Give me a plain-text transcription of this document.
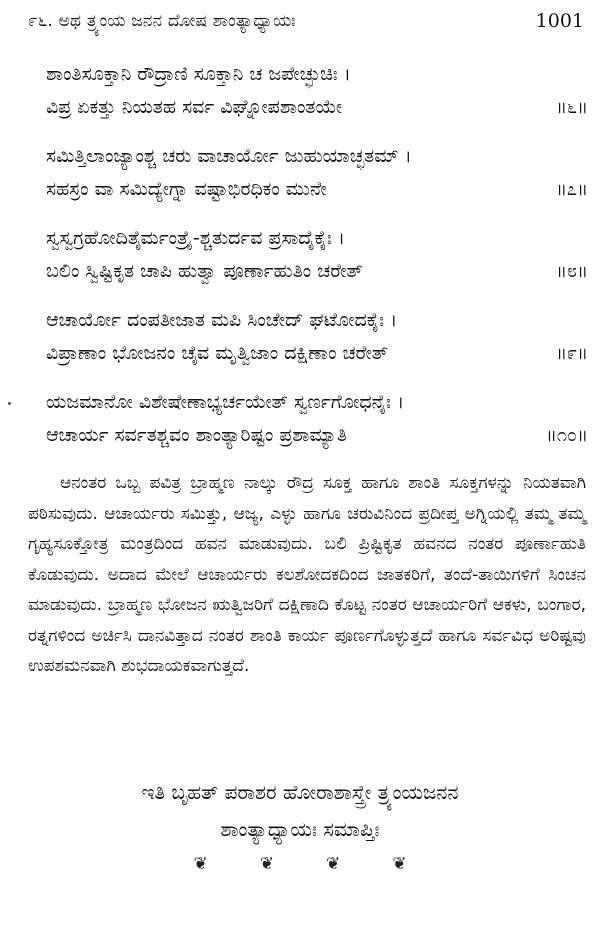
೯೬. ಅಥ ತ್ರ್ಯಂಯ ಜನನ ದೋಷ ಶಾಂತ್ಯಾಧ್ಯಾಯಃ	1001
ಶಾಂತಿಸೂಕ್ತಾನಿ ರೌದ್ರಾಣಿ ಸೂಕ್ತಾನಿ ಚ ಜಪೇಚ್ಛುಚಿಃ ।
ವಿಪ್ರ ಏಕತ್ತು ನಿಯತಹ ಸರ್ವ ವಿಘ್ನೋಪಶಾಂತಯೇ	॥೬॥
ಸಮಿತ್ತಿಲಾಂಜ್ಯಾಂಶ್ಚ ಚರು ವಾಚಾರ್ಯೋ ಜುಹುಯಾಚ್ಛತಮ್ ।
ಸಹಸ್ರಂ ವಾ ಸಮಿದ್ಯೇಗ್ನಾ ವಷ್ಟಾಭಿರಧಿಕಂ ಮುನೇ	॥೭॥
ಸ್ವಸ್ವಗ್ರಹೋದಿತೈರ್ಮಂತ್ರೈ-ಶ್ಚತುರ್ದವ ಪ್ರಸಾದೈಕೈಃ ।
ಬಲಿಂ ಸ್ವಿಷ್ಟಿಕೃತ ಚಾಪಿ ಹುತ್ವಾ ಪೂರ್ಣಾಹುತಿಂ ಚರೇತ್	॥೮॥
ಆಚಾರ್ಯೋ ದಂಪತೀಜಾತ ಮಪಿ ಸಿಂಚೇದ್ ಘಟೋದಕೈಃ ।
ವಿಪ್ರಾಣಾಂ ಭೋಜನಂ ಚೈವ ಮೃತ್ವಿಜಾಂ ದಕ್ಷಿಣಾಂ ಚರೇತ್	॥೯॥
ಯಜಮಾನೋ ವಿಶೇಷೇಣಾಭ್ಯರ್ಚಯೇತ್ ಸ್ವರ್ಣಗೋಧನೈಃ ।
ಆಚಾರ್ಯ ಸರ್ವತಶ್ಚವಂ ಶಾಂತ್ಯಾರಿಷ್ಟಂ ಪ್ರಶಾಮ್ಯಾತಿ	॥೧೦॥

ಆನಂತರ ಒಬ್ಬ ಪವಿತ್ರ ಬ್ರಾಹ್ಮಣ ನಾಲ್ಕು ರೌದ್ರ ಸೂಕ್ತ ಹಾಗೂ ಶಾಂತಿ ಸೂಕ್ತಗಳನ್ನು ನಿಯತವಾಗಿ ಪಠಿಸುವುದು. ಆಚಾರ್ಯರು ಸಮಿತ್ತು, ಆಜ್ಯ, ಎಳ್ಳು ಹಾಗೂ ಚರುವಿನಿಂದ ಪ್ರದೀಪ್ತ ಅಗ್ನಿಯಲ್ಲಿ ತಮ್ಮ ತಮ್ಮ ಗೃಹ್ಯಸೂಕ್ತೋತ್ರ ಮಂತ್ರದಿಂದ ಹವನ ಮಾಡುವುದು. ಬಲಿ ಪ್ರಿಷ್ಟಿಕೃತ ಹವನದ ನಂತರ ಪೂರ್ಣಾಹುತಿ ಕೊಡುವುದು. ಅದಾದ ಮೇಲೆ ಆಚಾರ್ಯರು ಕಲಶೋದಕದಿಂದ ಜಾತಕರಿಗೆ, ತಂದೆ-ತಾಯಿಗಳಿಗೆ ಸಿಂಚನ ಮಾಡುವುದು. ಬ್ರಾಹ್ಮಣ ಭೋಜನ ಋತ್ವಿಜರಿಗೆ ದಕ್ಷಿಣಾದಿ ಕೊಟ್ಟ ನಂತರ ಆಚಾರ್ಯರಿಗೆ ಆಕಳು, ಬಂಗಾರ, ರತ್ನಗಳಿಂದ ಅರ್ಚಿಸಿ ದಾನವಿತ್ತಾದ ನಂತರ ಶಾಂತಿ ಕಾರ್ಯ ಪೂರ್ಣಗೊಳ್ಳುತ್ತದೆ ಹಾಗೂ ಸರ್ವವಿಧ ಅರಿಷ್ಟವು ಉಪಶಮನವಾಗಿ ಶುಭದಾಯಕವಾಗುತ್ತದೆ.

ಇತಿ ಬೃಹತ್ ಪರಾಶರ ಹೋರಾಶಾಸ್ತ್ರೇ ತ್ರ್ಯಂಯಜನನ
ಶಾಂತ್ಯಾಧ್ಯಾಯಃ ಸಮಾಪ್ತಿಃ
❦	❦	❦	❦
